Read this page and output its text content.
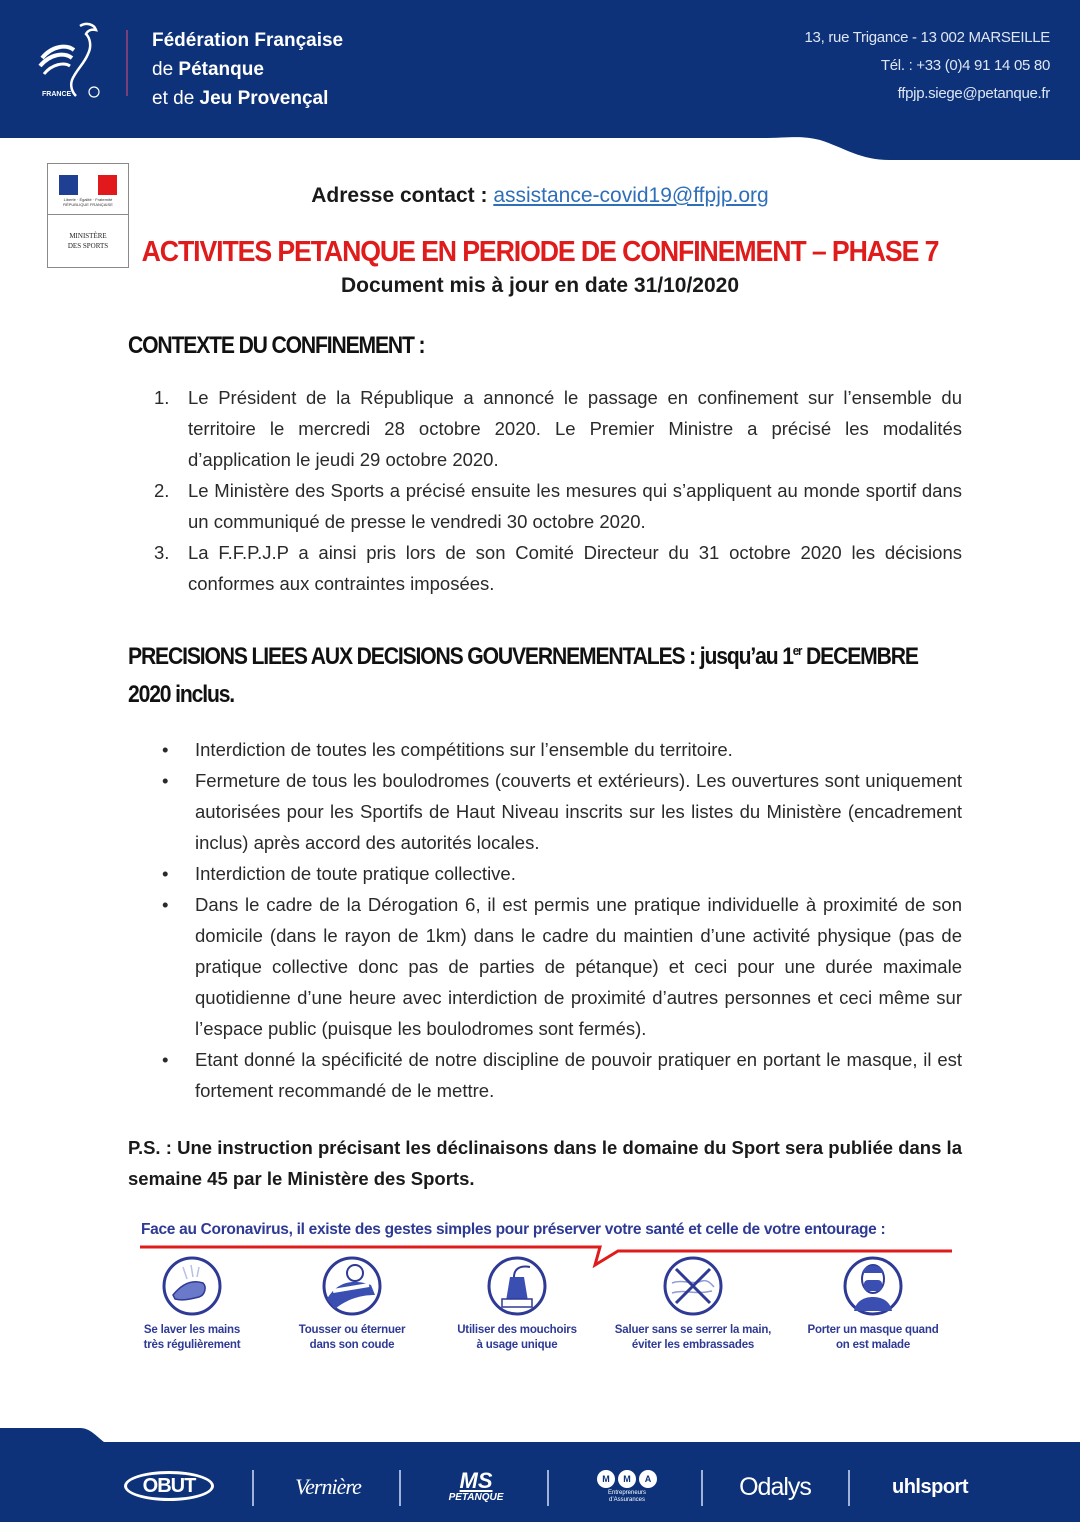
FRANCE
Fédération Française
de Pétanque
et de Jeu Provençal
13, rue Trigance - 13 002 MARSEILLE
Tél. : +33 (0)4 91 14 05 80
ffpjp.siege@petanque.fr
Liberté · Égalité · Fraternité
RÉPUBLIQUE FRANÇAISE
MINISTÈRE
DES SPORTS
Adresse contact : assistance-covid19@ffpjp.org
ACTIVITES PETANQUE EN PERIODE DE CONFINEMENT – PHASE 7
Document mis à jour en date 31/10/2020
CONTEXTE DU CONFINEMENT :
1. Le Président de la République a annoncé le passage en confinement sur l’ensemble du territoire le mercredi 28 octobre 2020. Le Premier Ministre a précisé les modalités d’application le jeudi 29 octobre 2020.
2. Le Ministère des Sports a précisé ensuite les mesures qui s’appliquent au monde sportif dans un communiqué de presse le vendredi 30 octobre 2020.
3. La F.F.P.J.P a ainsi pris lors de son Comité Directeur du 31 octobre 2020 les décisions conformes aux contraintes imposées.
PRECISIONS LIEES AUX DECISIONS GOUVERNEMENTALES : jusqu’au 1er DECEMBRE 2020 inclus.
• Interdiction de toutes les compétitions sur l’ensemble du territoire.
• Fermeture de tous les boulodromes (couverts et extérieurs). Les ouvertures sont uniquement autorisées pour les Sportifs de Haut Niveau inscrits sur les listes du Ministère (encadrement inclus) après accord des autorités locales.
• Interdiction de toute pratique collective.
• Dans le cadre de la Dérogation 6, il est permis une pratique individuelle à proximité de son domicile (dans le rayon de 1km) dans le cadre du maintien d’une activité physique (pas de pratique collective donc pas de parties de pétanque) et ceci pour une durée maximale quotidienne d’une heure avec interdiction de proximité d’autres personnes et ceci même sur l’espace public (puisque les boulodromes sont fermés).
• Etant donné la spécificité de notre discipline de pouvoir pratiquer en portant le masque, il est fortement recommandé de le mettre.
P.S. : Une instruction précisant les déclinaisons dans le domaine du Sport sera publiée dans la semaine 45 par le Ministère des Sports.
Face au Coronavirus, il existe des gestes simples pour préserver votre santé et celle de votre entourage :
Se laver les mains
très régulièrement
Tousser ou éternuer
dans son coude
Utiliser des mouchoirs
à usage unique
Saluer sans se serrer la main,
éviter les embrassades
Porter un masque quand
on est malade
OBUT	Vernière	MS
PETANQUE
M	M	A
Entrepreneurs
d’Assurances	Odalys	uhlsport
